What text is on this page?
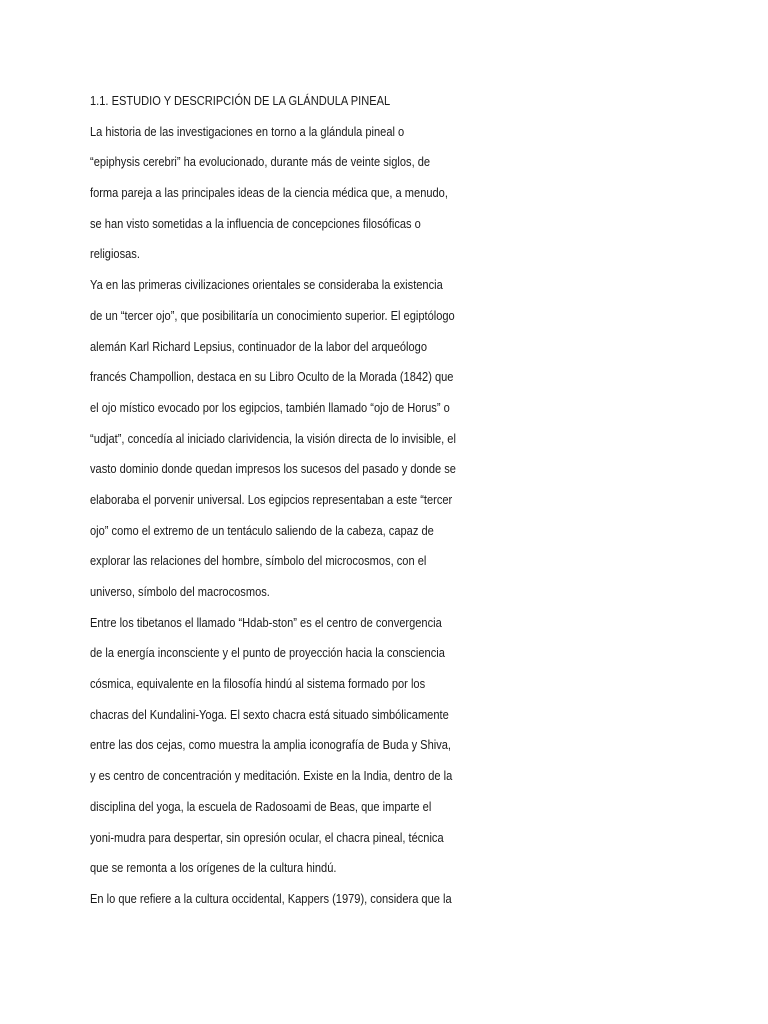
1.1. ESTUDIO Y DESCRIPCIÓN DE LA GLÁNDULA PINEAL
La historia de las investigaciones en torno a la glándula pineal o
“epiphysis cerebri” ha evolucionado, durante más de veinte siglos, de
forma pareja a las principales ideas de la ciencia médica que, a menudo,
se han visto sometidas a la influencia de concepciones filosóficas o
religiosas.
Ya en las primeras civilizaciones orientales se consideraba la existencia
de un “tercer ojo”, que posibilitaría un conocimiento superior. El egiptólogo
alemán Karl Richard Lepsius, continuador de la labor del arqueólogo
francés Champollion, destaca en su Libro Oculto de la Morada (1842) que
el ojo místico evocado por los egipcios, también llamado “ojo de Horus” o
“udjat”, concedía al iniciado clarividencia, la visión directa de lo invisible, el
vasto dominio donde quedan impresos los sucesos del pasado y donde se
elaboraba el porvenir universal. Los egipcios representaban a este “tercer
ojo” como el extremo de un tentáculo saliendo de la cabeza, capaz de
explorar las relaciones del hombre, símbolo del microcosmos, con el
universo, símbolo del macrocosmos.
Entre los tibetanos el llamado “Hdab-ston” es el centro de convergencia
de la energía inconsciente y el punto de proyección hacia la consciencia
cósmica, equivalente en la filosofía hindú al sistema formado por los
chacras del Kundalini-Yoga. El sexto chacra está situado simbólicamente
entre las dos cejas, como muestra la amplia iconografía de Buda y Shiva,
y es centro de concentración y meditación. Existe en la India, dentro de la
disciplina del yoga, la escuela de Radosoami de Beas, que imparte el
yoni-mudra para despertar, sin opresión ocular, el chacra pineal, técnica
que se remonta a los orígenes de la cultura hindú.
En lo que refiere a la cultura occidental, Kappers (1979), considera que la
